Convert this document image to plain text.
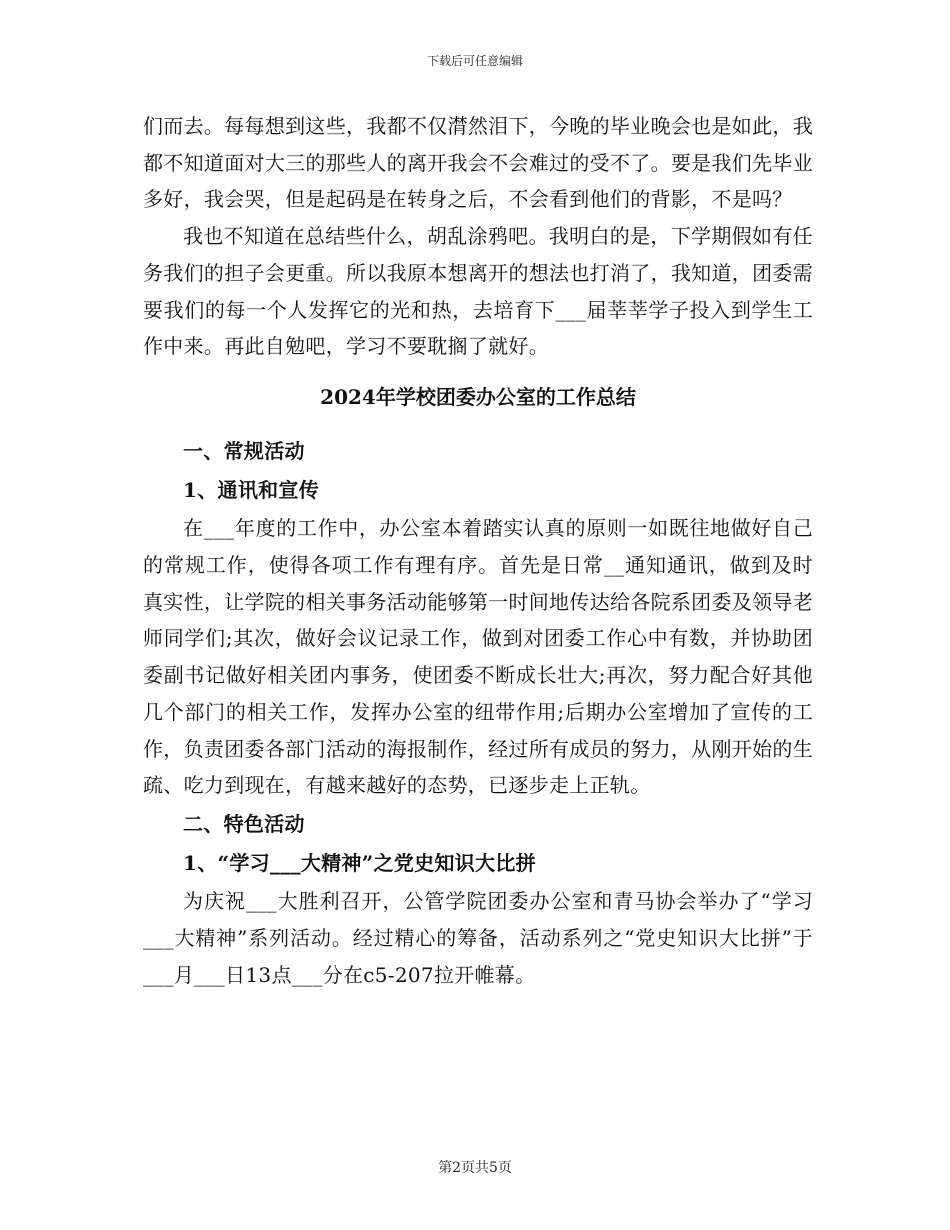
下载后可任意编辑

们而去。每每想到这些，我都不仅潸然泪下，今晚的毕业晚会也是如此，我都不知道面对大三的那些人的离开我会不会难过的受不了。要是我们先毕业多好，我会哭，但是起码是在转身之后，不会看到他们的背影，不是吗？

我也不知道在总结些什么，胡乱涂鸦吧。我明白的是，下学期假如有任务我们的担子会更重。所以我原本想离开的想法也打消了，我知道，团委需要我们的每一个人发挥它的光和热，去培育下___届莘莘学子投入到学生工作中来。再此自勉吧，学习不要耽搁了就好。

2024年学校团委办公室的工作总结

一、常规活动

1、通讯和宣传

在___年度的工作中，办公室本着踏实认真的原则一如既往地做好自己的常规工作，使得各项工作有理有序。首先是日常__通知通讯，做到及时真实性，让学院的相关事务活动能够第一时间地传达给各院系团委及领导老师同学们;其次，做好会议记录工作，做到对团委工作心中有数，并协助团委副书记做好相关团内事务，使团委不断成长壮大;再次，努力配合好其他几个部门的相关工作，发挥办公室的纽带作用;后期办公室增加了宣传的工作，负责团委各部门活动的海报制作，经过所有成员的努力，从刚开始的生疏、吃力到现在，有越来越好的态势，已逐步走上正轨。

二、特色活动

1、“学习___大精神”之党史知识大比拼

为庆祝___大胜利召开，公管学院团委办公室和青马协会举办了“学习___大精神”系列活动。经过精心的筹备，活动系列之“党史知识大比拼”于___月___日13点___分在c5-207拉开帷幕。

第2页共5页
